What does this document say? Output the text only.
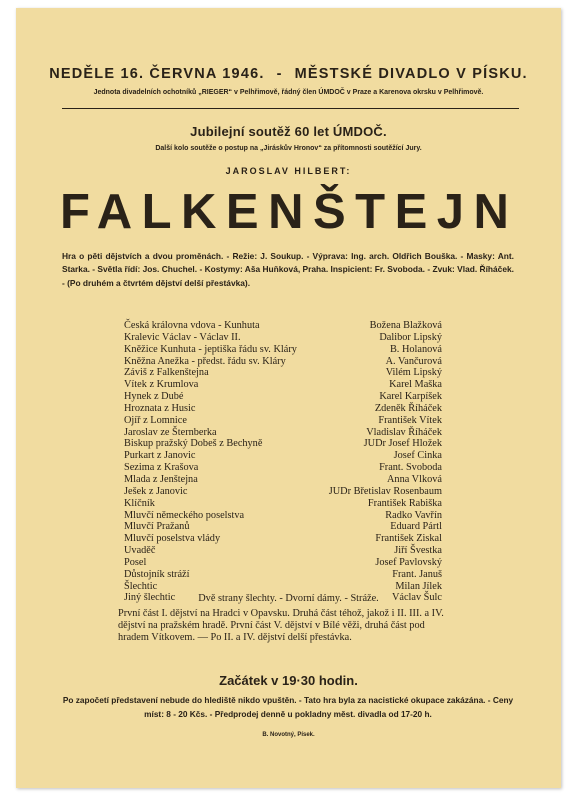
NEDĚLE 16. ČERVNA 1946. - MĚSTSKÉ DIVADLO V PÍSKU.
Jednota divadelních ochotníků „RIEGER“ v Pelhřimově, řádný člen ÚMDOČ v Praze a Karenova okrsku v Pelhřimově.
Jubilejní soutěž 60 let ÚMDOČ.
Další kolo soutěže o postup na „Jiráskův Hronov“ za přítomnosti soutěžící Jury.
JAROSLAV HILBERT:
FALKENŠTEJN
Hra o pěti dějstvích a dvou proměnách. - Režie: J. Soukup. - Výprava: Ing. arch. Oldřich Bouška. - Masky: Ant. Starka. - Světla řídí: Jos. Chuchel. - Kostymy: Aša Huňková, Praha. Inspicient: Fr. Svoboda. - Zvuk: Vlad. Říháček. - (Po druhém a čtvrtém dějství delší přestávka).
Česká královna vdova - Kunhuta	Božena Blažková
Kralevic Václav - Václav II.	Dalibor Lipský
Kněžice Kunhuta - jeptiška řádu sv. Kláry	B. Holanová
Kněžna Anežka - předst. řádu sv. Kláry	A. Vančurová
Záviš z Falkenštejna	Vilém Lipský
Vítek z Krumlova	Karel Maška
Hynek z Dubé	Karel Karpíšek
Hroznata z Husic	Zdeněk Říháček
Ojíř z Lomnice	František Vítek
Jaroslav ze Šternberka	Vladislav Říháček
Biskup pražský Dobeš z Bechyně	JUDr Josef Hložek
Purkart z Janovic	Josef Cinka
Sezima z Krašova	Frant. Svoboda
Mlada z Jenštejna	Anna Vlková
Ješek z Janovic	JUDr Břetislav Rosenbaum
Klíčník	František Rabiška
Mluvčí německého poselstva	Radko Vavřín
Mluvčí Pražanů	Eduard Pártl
Mluvčí poselstva vlády	František Ziskal
Uvaděč	Jiří Švestka
Posel	Josef Pavlovský
Důstojník stráží	Frant. Januš
Šlechtic	Milan Jílek
Jiný šlechtic	Václav Šulc
Dvě strany šlechty. - Dvorní dámy. - Stráže.
První část I. dějství na Hradci v Opavsku. Druhá část téhož, jakož i II. III. a IV. dějství na pražském hradě. První část V. dějství v Bílé věži, druhá část pod hradem Vítkovem. — Po II. a IV. dějství delší přestávka.
Začátek v 19·30 hodin.
Po započetí představení nebude do hlediště nikdo vpuštěn. - Tato hra byla za nacistické okupace zakázána. - Ceny míst: 8 - 20 Kčs. - Předprodej denně u pokladny měst. divadla od 17-20 h.
B. Novotný, Písek.
